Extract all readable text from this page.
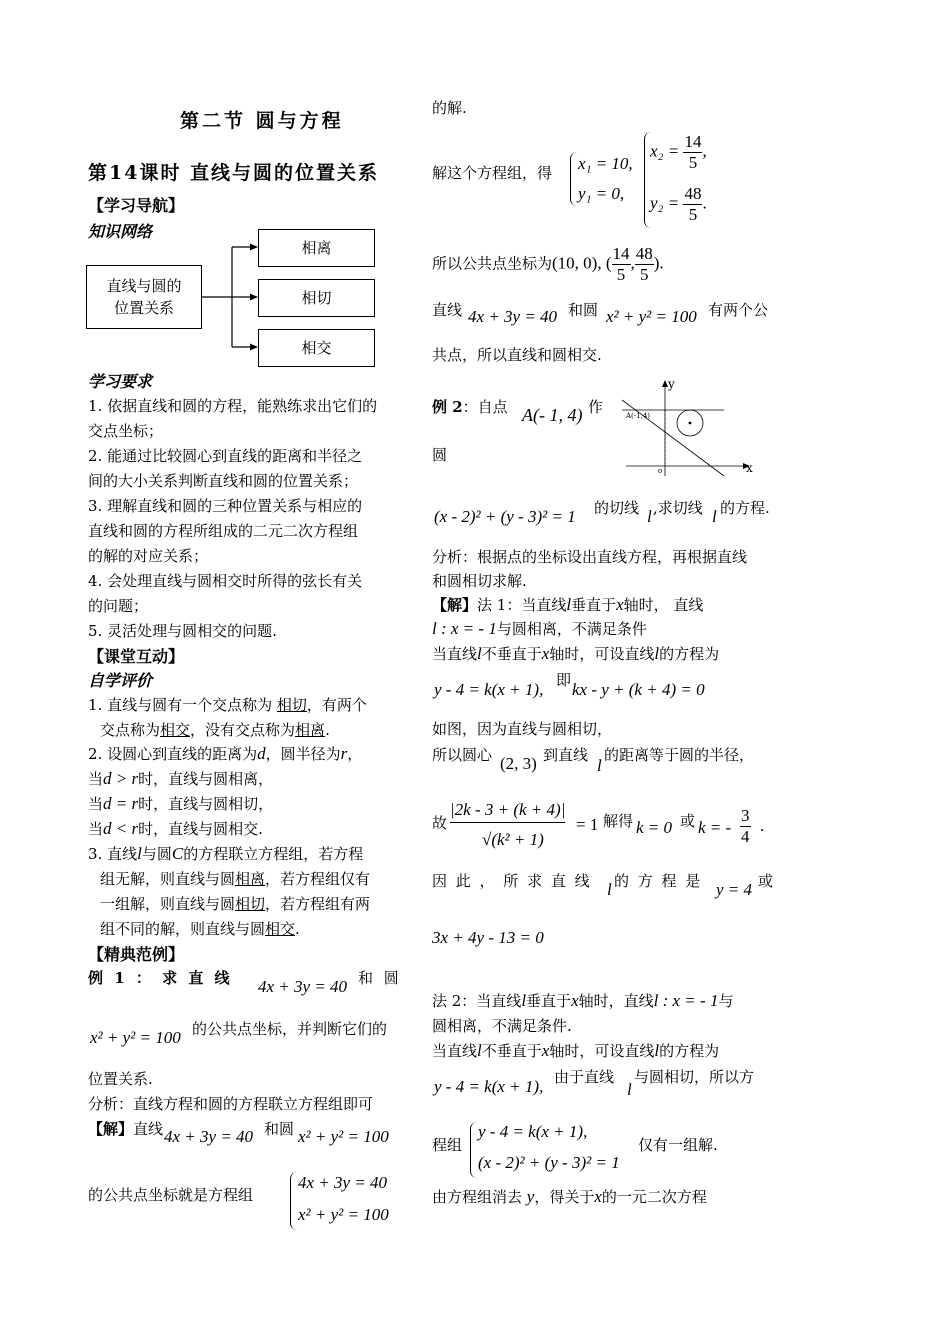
第二节 圆与方程
第14课时 直线与圆的位置关系
【学习导航】
知识网络
直线与圆的
位置关系
相离
相切
相交
学习要求
1. 依据直线和圆的方程，能熟练求出它们的
交点坐标；
2. 能通过比较圆心到直线的距离和半径之
间的大小关系判断直线和圆的位置关系；
3. 理解直线和圆的三种位置关系与相应的
直线和圆的方程所组成的二元二次方程组
的解的对应关系；
4. 会处理直线与圆相交时所得的弦长有关
的问题；
5. 灵活处理与圆相交的问题.
【课堂互动】
自学评价
1. 直线与圆有一个交点称为 相切，有两个
交点称为相交，没有交点称为相离.
2. 设圆心到直线的距离为d，圆半径为r，
当d > r时，直线与圆相离，
当d = r时，直线与圆相切，
当d < r时，直线与圆相交.
3. 直线l与圆C的方程联立方程组，若方程
组无解，则直线与圆相离，若方程组仅有
一组解，则直线与圆相切，若方程组有两
组不同的解，则直线与圆相交.
【精典范例】
例 1 ： 求 直 线 4x + 3y = 40 和 圆
x² + y² = 100 的公共点坐标，并判断它们的
位置关系.
分析：直线方程和圆的方程联立方程组即可
【解】直线 4x + 3y = 40 和圆 x² + y² = 100
的公共点坐标就是方程组
4x + 3y = 40
x² + y² = 100
的解.
解这个方程组，得 x₁ = 10,
y₁ = 0,
$x_2 = \frac{14}{5}$ ,
$y_2 = \frac{48}{5}$ .
所以公共点坐标为(10, 0), ( $\frac{14}{5}$ , $\frac{48}{5}$ ).
直线 4x + 3y = 40 和圆 x² + y² = 100 有两个公
共点，所以直线和圆相交.
例 2：自点 A(- 1, 4) 作
圆
y
x
A(-1,4)
o
(x - 2)² + (y - 3)² = 1 的切线 l ,求切线 l 的方程.
分析：根据点的坐标设出直线方程，再根据直线
和圆相切求解.
【解】法 1：当直线l垂直于x轴时， 直线
l : x = - 1与圆相离，不满足条件
当直线l不垂直于x轴时，可设直线l的方程为
y - 4 = k(x + 1), 即 kx - y + (k + 4) = 0
如图，因为直线与圆相切，
所以圆心 (2, 3) 到直线
l
的距离等于圆的半径，
故
|2k - 3 + (k + 4)|
√(k² + 1)
= 1 解得 k = 0 或 k = - $\frac{3}{4}$ .
因 此 ， 所 求 直 线 l 的 方 程 是 y = 4 或
3x + 4y - 13 = 0
法 2：当直线l垂直于x轴时，直线l : x = - 1与
圆相离，不满足条件.
当直线l不垂直于x轴时，可设直线l的方程为
y - 4 = k(x + 1), 由于直线
l
与圆相切，所以方
程组
y - 4 = k(x + 1),
(x - 2)² + (y - 3)² = 1
仅有一组解.
由方程组消去 y，得关于x的一元二次方程
